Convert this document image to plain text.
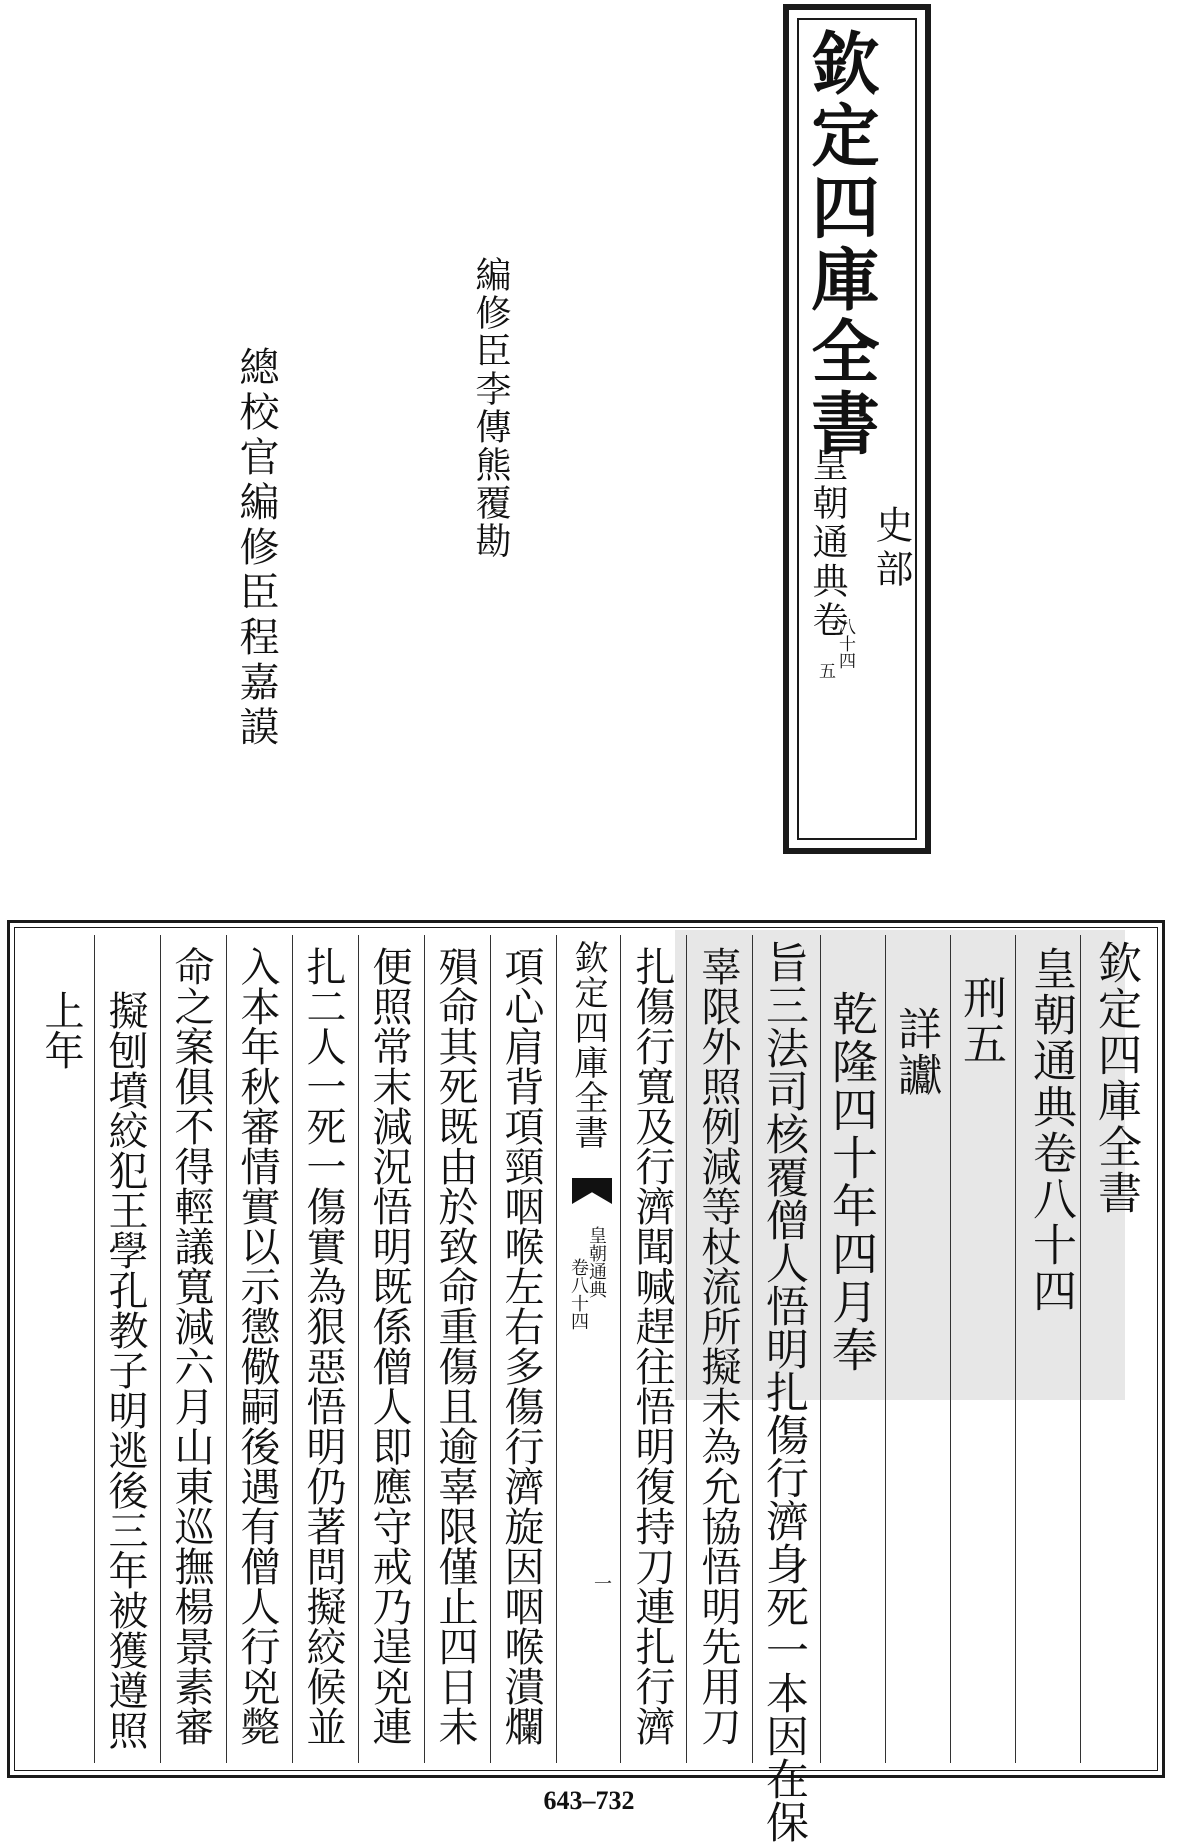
欽定四庫全書
皇朝通典卷
八十四
五
史部
編修臣李傳熊覆勘
總校官編修臣程嘉謨
欽定四庫全書
皇朝通典卷八十四
刑五
詳讞
乾隆四十年四月奉
旨三法司核覆僧人悟明扎傷行濟身死一本因在保
辜限外照例減等杖流所擬未為允協悟明先用刀
扎傷行寬及行濟聞喊趕往悟明復持刀連扎行濟
欽定四庫全書
皇朝通典
卷八十四
一
項心肩背項頸咽喉左右多傷行濟旋因咽喉潰爛
殞命其死既由於致命重傷且逾辜限僅止四日未
便照常末減況悟明既係僧人即應守戒乃逞兇連
扎二人一死一傷實為狠惡悟明仍著問擬絞候並
入本年秋審情實以示懲儆嗣後遇有僧人行兇斃
命之案俱不得輕議寬減六月山東巡撫楊景素審
擬刨墳絞犯王學孔教子明逃後三年被獲遵照
上年
643–732
